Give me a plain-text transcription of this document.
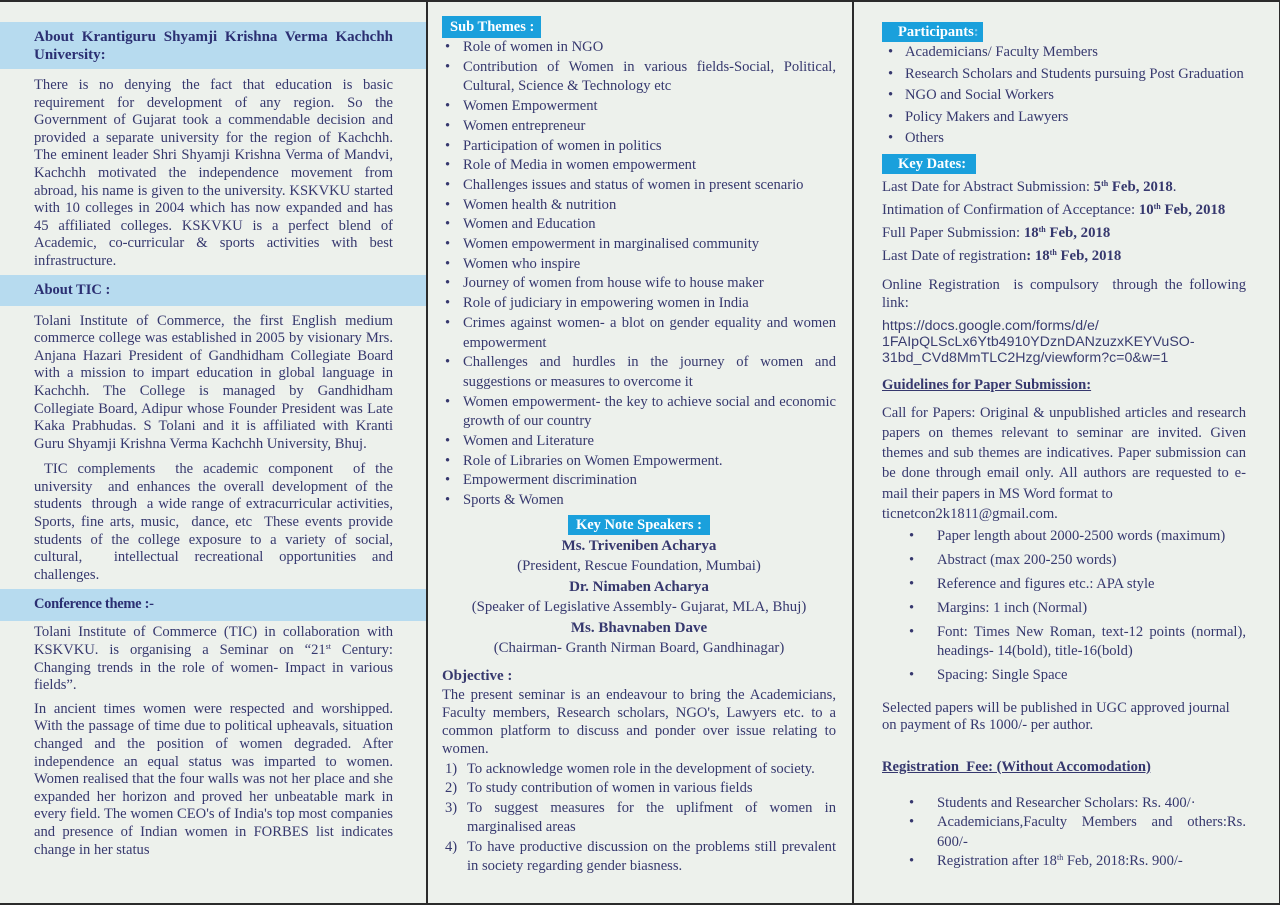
About Krantiguru Shyamji Krishna Verma Kachchh University:

There is no denying the fact that education is basic requirement for development of any region. So the Government of Gujarat took a commendable decision and provided a separate university for the region of Kachchh. The eminent leader Shri Shyamji Krishna Verma of Mandvi, Kachchh motivated the independence movement from abroad, his name is given to the university. KSKVKU started with 10 colleges in 2004 which has now expanded and has 45 affiliated colleges. KSKVKU is a perfect blend of Academic, co-curricular & sports activities with best infrastructure.

About TIC :

Tolani Institute of Commerce, the first English medium commerce college was established in 2005 by visionary Mrs. Anjana Hazari President of Gandhidham Collegiate Board with a mission to impart education in global language in Kachchh. The College is managed by Gandhidham Collegiate Board, Adipur whose Founder President was Late Kaka Prabhudas. S Tolani and it is affiliated with Kranti Guru Shyamji Krishna Verma Kachchh University, Bhuj.

TIC complements  the academic component  of the university  and enhances the overall development of the students  through  a wide range of extracurricular activities,  Sports, fine arts, music,  dance, etc  These events provide students of the college exposure to a variety of social,  cultural,  intellectual recreational opportunities and challenges.

Conference theme :-

Tolani Institute of Commerce (TIC) in collaboration with KSKVKU. is organising a Seminar on “21st Century: Changing trends in the role of women- Impact in various fields”.

In ancient times women were respected and worshipped. With the passage of time due to political upheavals, situation changed and the position of women degraded. After independence an equal status was imparted to women. Women realised that the four walls was not her place and she expanded her horizon and proved her unbeatable mark in every field. The women CEO's of India's top most companies and presence of Indian women in FORBES list indicates change in her status

Sub Themes :
• Role of women in NGO
• Contribution of Women in various fields-Social, Political, Cultural, Science & Technology etc
• Women Empowerment
• Women entrepreneur
• Participation of women in politics
• Role of Media in women empowerment
• Challenges issues and status of women in present scenario
• Women health & nutrition
• Women and Education
• Women empowerment in marginalised community
• Women who inspire
• Journey of women from house wife to house maker
• Role of judiciary in empowering women in India
• Crimes against women- a blot on gender equality and women empowerment
• Challenges and hurdles in the journey of women and suggestions or measures to overcome it
• Women empowerment- the key to achieve social and economic growth of our country
• Women and Literature
• Role of Libraries on Women Empowerment.
• Empowerment discrimination
• Sports & Women
Key Note Speakers :
Ms. Triveniben Acharya
(President, Rescue Foundation, Mumbai)
Dr. Nimaben Acharya
(Speaker of Legislative Assembly- Gujarat, MLA, Bhuj)
Ms. Bhavnaben Dave
(Chairman- Granth Nirman Board, Gandhinagar)
Objective :

The present seminar is an endeavour to bring the Academicians, Faculty members, Research scholars, NGO's, Lawyers etc. to a common platform to discuss and ponder over issue relating to women.

1) To acknowledge women role in the development of society.
2) To study contribution of women in various fields
3) To suggest measures for the uplifment of women in marginalised areas
4) To have productive discussion on the problems still prevalent in society regarding gender biasness.
Participants:
• Academicians/ Faculty Members
• Research Scholars and Students pursuing Post Graduation
• NGO and Social Workers
• Policy Makers and Lawyers
• Others
Key Dates:
Last Date for Abstract Submission: 5th Feb, 2018.
Intimation of Confirmation of Acceptance: 10th Feb, 2018
Full Paper Submission: 18th Feb, 2018
Last Date of registration: 18th Feb, 2018

Online Registration  is compulsory  through the following link:

https://docs.google.com/forms/d/e/
1FAIpQLScLx6Ytb4910YDznDANzuzxKEYVuSO-
31bd_CVd8MmTLC2Hzg/viewform?c=0&w=1
Guidelines for Paper Submission:

Call for Papers: Original & unpublished articles and research papers on themes relevant to seminar are invited. Given themes and sub themes are indicatives. Paper submission can be done through email only. All authors are requested to e-mail their papers in MS Word format to

ticnetcon2k1811@gmail.com.
• Paper length about 2000-2500 words (maximum)
• Abstract (max 200-250 words)
• Reference and figures etc.: APA style
• Margins: 1 inch (Normal)
• Font: Times New Roman, text-12 points (normal), headings- 14(bold), title-16(bold)
• Spacing: Single Space

Selected papers will be published in UGC approved journal on payment of Rs 1000/- per author.

Registration  Fee: (Without Accomodation)
• Students and Researcher Scholars: Rs. 400/·
• Academicians,Faculty Members and others:Rs. 600/-
• Registration after 18th Feb, 2018:Rs. 900/-
